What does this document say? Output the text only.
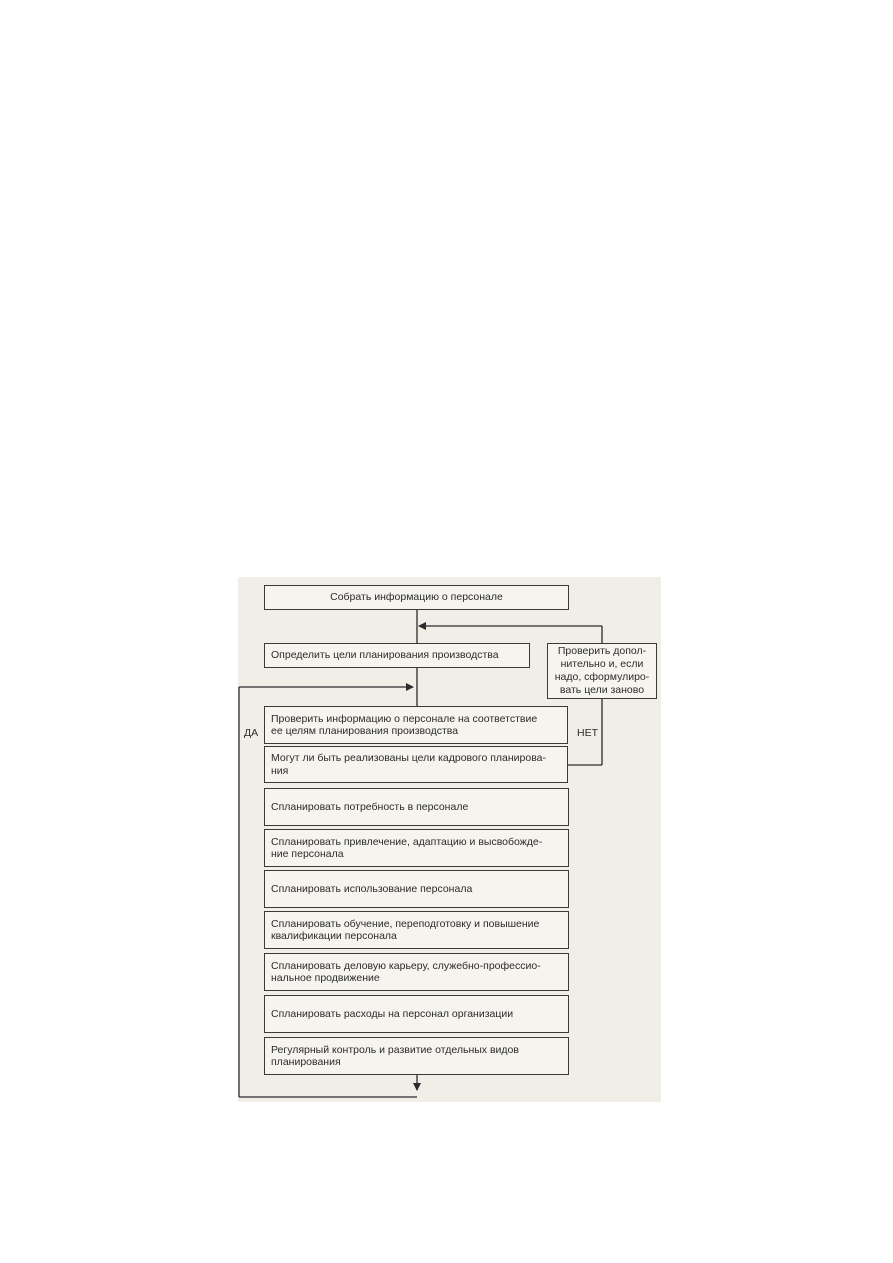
Собрать информацию о персонале
Определить цели планирования производства
Проверить информацию о персонале на соответствие
ее целям планирования производства
Могут ли быть реализованы цели кадрового планирова-
ния
Спланировать потребность в персонале
Спланировать привлечение, адаптацию и высвобожде-
ние персонала
Спланировать использование персонала
Спланировать обучение, переподготовку и повышение
квалификации персонала
Спланировать деловую карьеру, служебно-профессио-
нальное продвижение
Спланировать расходы на персонал организации
Регулярный контроль и развитие отдельных видов
планирования
Проверить допол-
нительно и, если
надо, сформулиро-
вать цели заново
ДА	НЕТ
